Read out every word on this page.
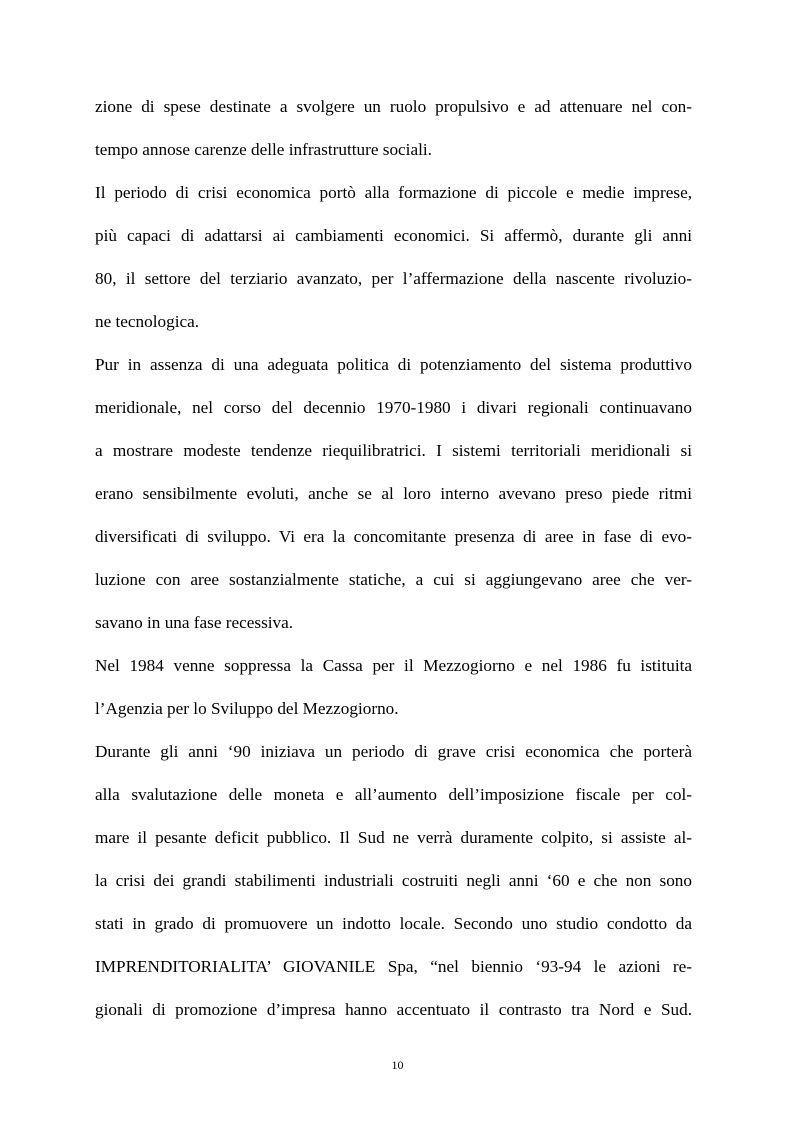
zione di spese destinate a svolgere un ruolo propulsivo e ad attenuare nel con-
tempo annose carenze delle infrastrutture sociali.
Il periodo di crisi economica portò alla formazione di piccole e medie imprese,
più capaci di adattarsi ai cambiamenti economici. Si affermò, durante gli anni
80, il settore del terziario avanzato, per l’affermazione della nascente rivoluzio-
ne tecnologica.
Pur in assenza di una adeguata politica di potenziamento del sistema produttivo
meridionale, nel corso del decennio 1970-1980 i divari regionali continuavano
a mostrare modeste tendenze riequilibratrici. I sistemi territoriali meridionali si
erano sensibilmente evoluti, anche se al loro interno avevano preso piede ritmi
diversificati di sviluppo. Vi era la concomitante presenza di aree in fase di evo-
luzione con aree sostanzialmente statiche, a cui si aggiungevano aree che ver-
savano in una fase recessiva.
Nel 1984 venne soppressa la Cassa per il Mezzogiorno e nel 1986 fu istituita
l’Agenzia per lo Sviluppo del Mezzogiorno.
Durante gli anni ‘90 iniziava un periodo di grave crisi economica che porterà
alla svalutazione delle moneta e all’aumento dell’imposizione fiscale per col-
mare il pesante deficit pubblico. Il Sud ne verrà duramente colpito, si assiste al-
la crisi dei grandi stabilimenti industriali costruiti negli anni ‘60 e che non sono
stati in grado di promuovere un indotto locale. Secondo uno studio condotto da
IMPRENDITORIALITA’ GIOVANILE Spa, “nel biennio ‘93-94 le azioni re-
gionali di promozione d’impresa hanno accentuato il contrasto tra Nord e Sud.
10
